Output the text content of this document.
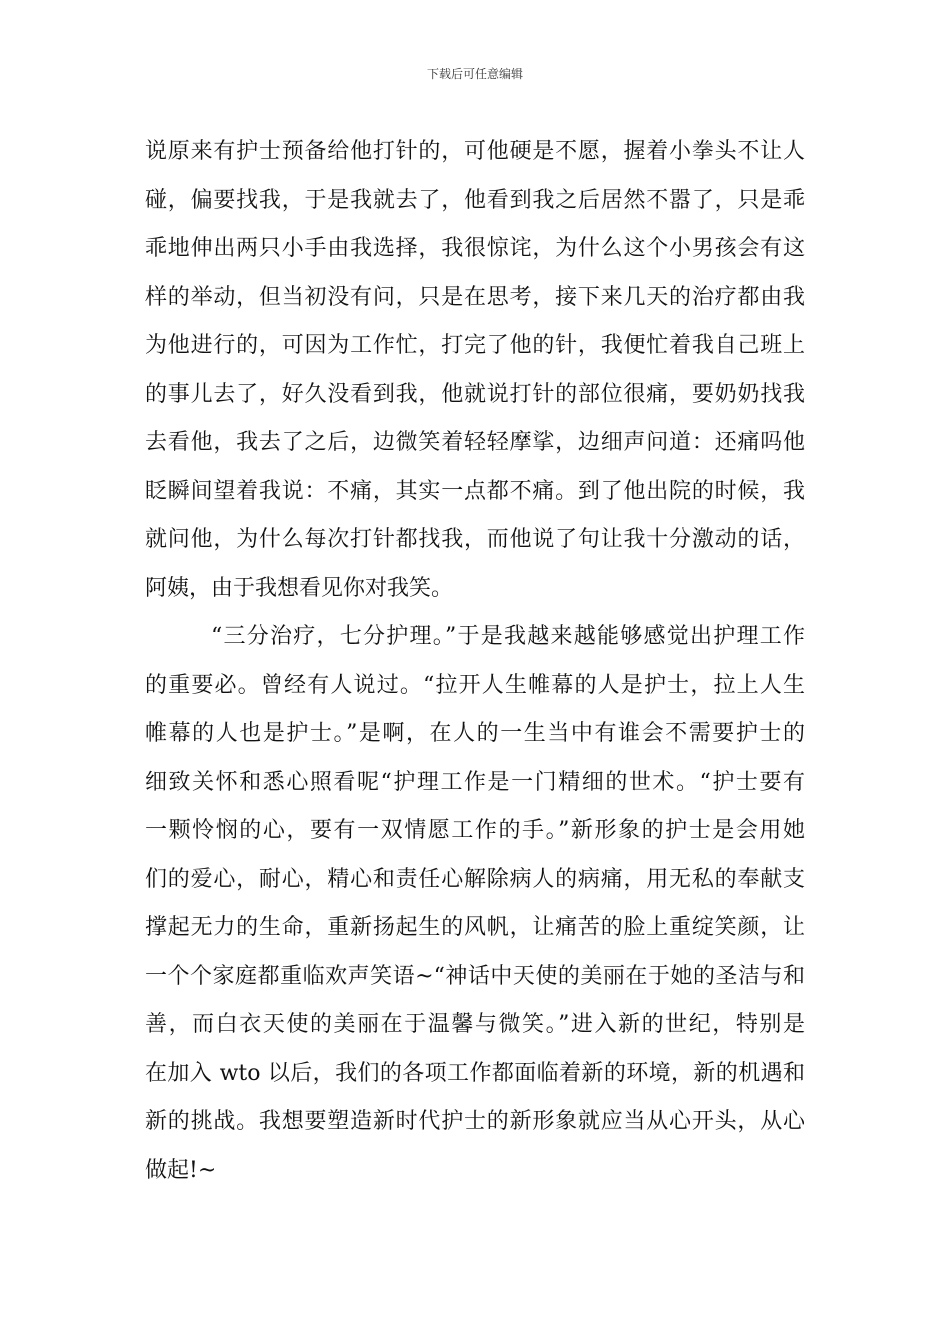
下载后可任意编辑
说原来有护士预备给他打针的，可他硬是不愿，握着小拳头不让人
碰，偏要找我，于是我就去了，他看到我之后居然不嚣了，只是乖
乖地伸出两只小手由我选择，我很惊诧，为什么这个小男孩会有这
样的举动，但当初没有问，只是在思考，接下来几天的治疗都由我
为他进行的，可因为工作忙，打完了他的针，我便忙着我自己班上
的事儿去了，好久没看到我，他就说打针的部位很痛，要奶奶找我
去看他，我去了之后，边微笑着轻轻摩挲，边细声问道：还痛吗他
眨瞬间望着我说：不痛，其实一点都不痛。到了他出院的时候，我
就问他，为什么每次打针都找我，而他说了句让我十分激动的话，
阿姨，由于我想看见你对我笑。
“三分治疗，七分护理。”于是我越来越能够感觉出护理工作
的重要必。曾经有人说过。“拉开人生帷幕的人是护士，拉上人生
帷幕的人也是护士。”是啊，在人的一生当中有谁会不需要护士的
细致关怀和悉心照看呢“护理工作是一门精细的世术。“护士要有
一颗怜悯的心，要有一双情愿工作的手。”新形象的护士是会用她
们的爱心，耐心，精心和责任心解除病人的病痛，用无私的奉献支
撑起无力的生命，重新扬起生的风帆，让痛苦的脸上重绽笑颜，让
一个个家庭都重临欢声笑语~“神话中天使的美丽在于她的圣洁与和
善，而白衣天使的美丽在于温馨与微笑。”进入新的世纪，特别是
在加入 wto 以后，我们的各项工作都面临着新的环境，新的机遇和
新的挑战。我想要塑造新时代护士的新形象就应当从心开头，从心
做起!~
